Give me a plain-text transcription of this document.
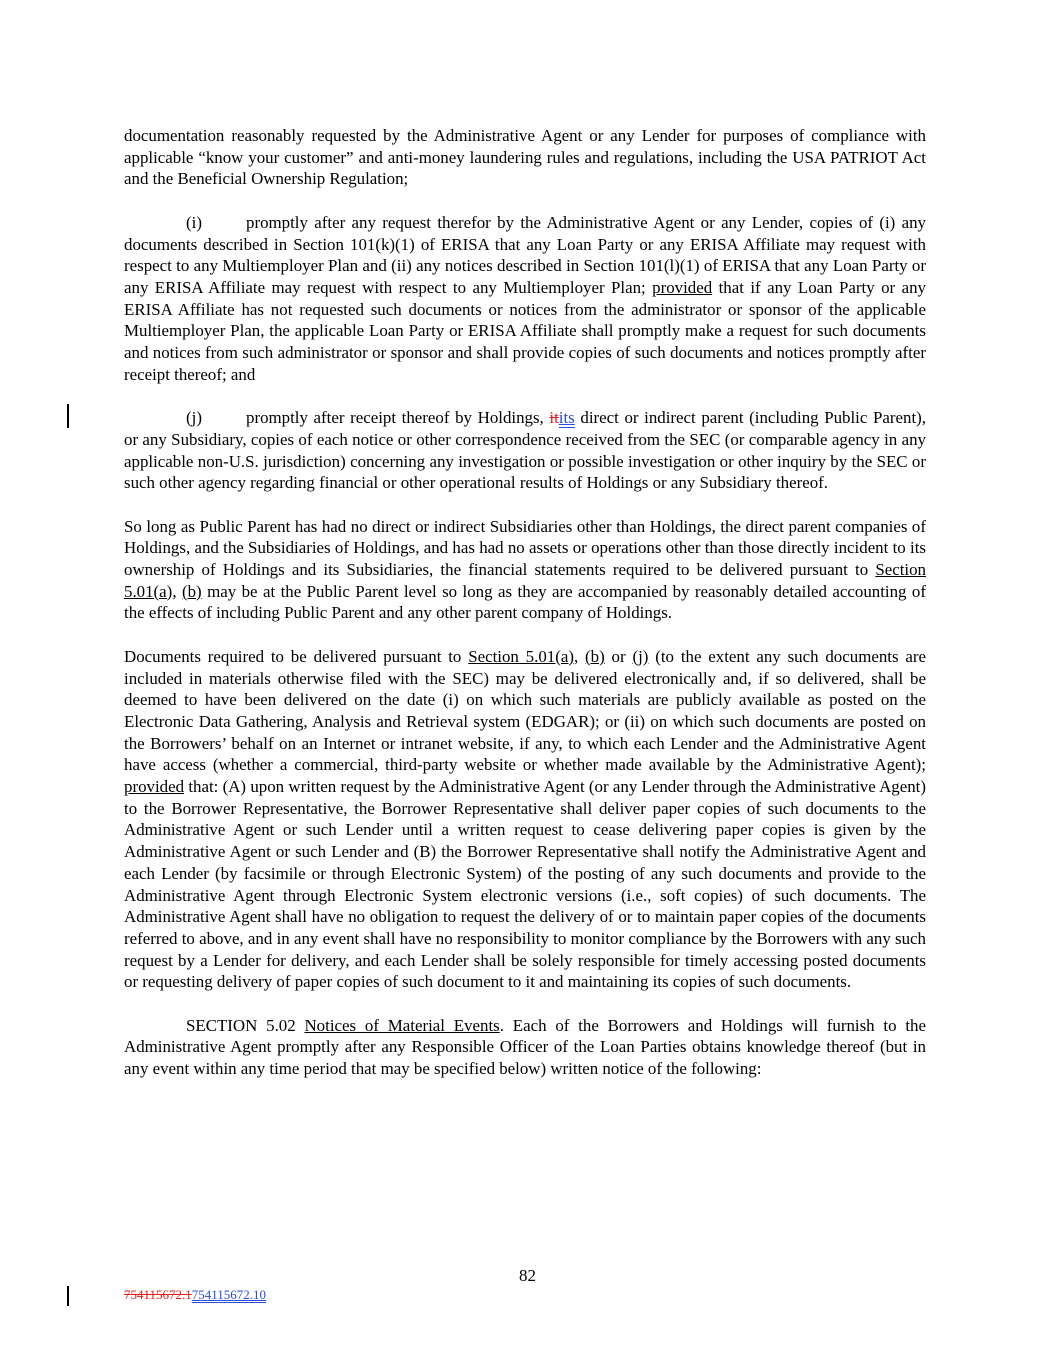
documentation reasonably requested by the Administrative Agent or any Lender for purposes of compliance with applicable “know your customer” and anti-money laundering rules and regulations, including the USA PATRIOT Act and the Beneficial Ownership Regulation;

(i)	promptly after any request therefor by the Administrative Agent or any Lender, copies of (i) any documents described in Section 101(k)(1) of ERISA that any Loan Party or any ERISA Affiliate may request with respect to any Multiemployer Plan and (ii) any notices described in Section 101(l)(1) of ERISA that any Loan Party or any ERISA Affiliate may request with respect to any Multiemployer Plan; provided that if any Loan Party or any ERISA Affiliate has not requested such documents or notices from the administrator or sponsor of the applicable Multiemployer Plan, the applicable Loan Party or ERISA Affiliate shall promptly make a request for such documents and notices from such administrator or sponsor and shall provide copies of such documents and notices promptly after receipt thereof; and

(j)	promptly after receipt thereof by Holdings, itits direct or indirect parent (including Public Parent), or any Subsidiary, copies of each notice or other correspondence received from the SEC (or comparable agency in any applicable non-U.S. jurisdiction) concerning any investigation or possible investigation or other inquiry by the SEC or such other agency regarding financial or other operational results of Holdings or any Subsidiary thereof.

So long as Public Parent has had no direct or indirect Subsidiaries other than Holdings, the direct parent companies of Holdings, and the Subsidiaries of Holdings, and has had no assets or operations other than those directly incident to its ownership of Holdings and its Subsidiaries, the financial statements required to be delivered pursuant to Section 5.01(a), (b) may be at the Public Parent level so long as they are accompanied by reasonably detailed accounting of the effects of including Public Parent and any other parent company of Holdings.

Documents required to be delivered pursuant to Section 5.01(a), (b) or (j) (to the extent any such documents are included in materials otherwise filed with the SEC) may be delivered electronically and, if so delivered, shall be deemed to have been delivered on the date (i) on which such materials are publicly available as posted on the Electronic Data Gathering, Analysis and Retrieval system (EDGAR); or (ii) on which such documents are posted on the Borrowers’ behalf on an Internet or intranet website, if any, to which each Lender and the Administrative Agent have access (whether a commercial, third-party website or whether made available by the Administrative Agent); provided that: (A) upon written request by the Administrative Agent (or any Lender through the Administrative Agent) to the Borrower Representative, the Borrower Representative shall deliver paper copies of such documents to the Administrative Agent or such Lender until a written request to cease delivering paper copies is given by the Administrative Agent or such Lender and (B) the Borrower Representative shall notify the Administrative Agent and each Lender (by facsimile or through Electronic System) of the posting of any such documents and provide to the Administrative Agent through Electronic System electronic versions (i.e., soft copies) of such documents. The Administrative Agent shall have no obligation to request the delivery of or to maintain paper copies of the documents referred to above, and in any event shall have no responsibility to monitor compliance by the Borrowers with any such request by a Lender for delivery, and each Lender shall be solely responsible for timely accessing posted documents or requesting delivery of paper copies of such document to it and maintaining its copies of such documents.

SECTION 5.02 Notices of Material Events. Each of the Borrowers and Holdings will furnish to the Administrative Agent promptly after any Responsible Officer of the Loan Parties obtains knowledge thereof (but in any event within any time period that may be specified below) written notice of the following:

82
754115672.1754115672.10
